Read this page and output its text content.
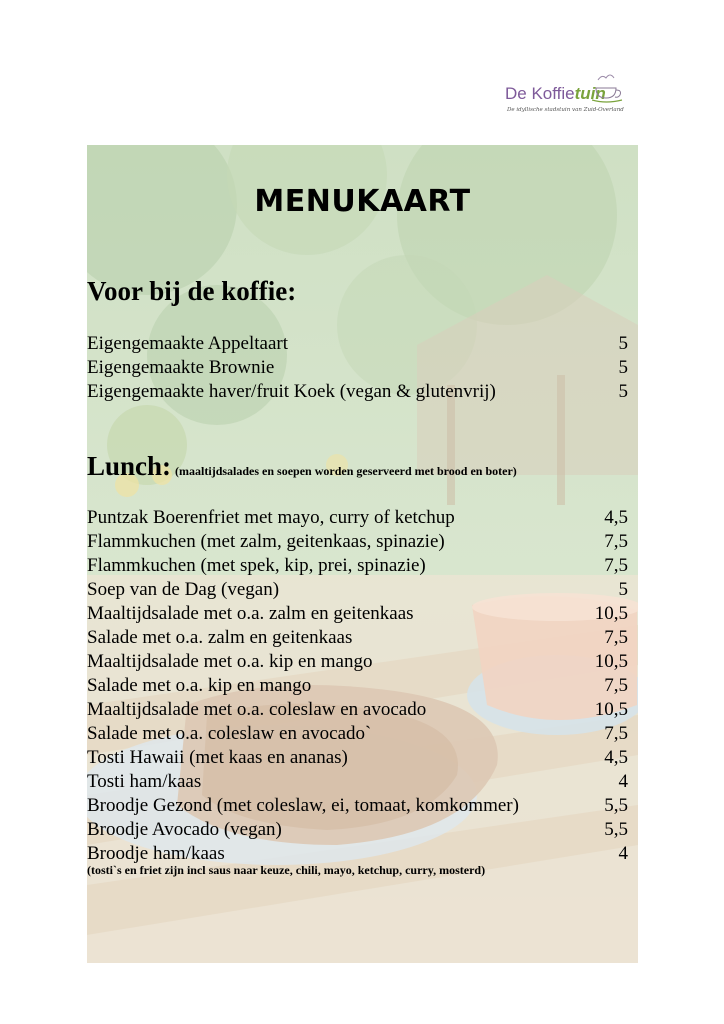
De Koffietuin
De idyllische stadstuin van Zuid-Overland
MENUKAART
Voor bij de koffie:
Eigengemaakte Appeltaart	5
Eigengemaakte Brownie	5
Eigengemaakte haver/fruit Koek (vegan & glutenvrij)	5
Lunch: (maaltijdsalades en soepen worden geserveerd met brood en boter)
Puntzak Boerenfriet met mayo, curry of ketchup	4,5
Flammkuchen (met zalm, geitenkaas, spinazie)	7,5
Flammkuchen (met spek, kip, prei, spinazie)	7,5
Soep van de Dag (vegan)	5
Maaltijdsalade met o.a. zalm en geitenkaas	10,5
Salade met o.a. zalm en geitenkaas	7,5
Maaltijdsalade met o.a. kip en mango	10,5
Salade met o.a. kip en mango	7,5
Maaltijdsalade met o.a. coleslaw en avocado	10,5
Salade met o.a. coleslaw en avocado`	7,5
Tosti Hawaii (met kaas en ananas)	4,5
Tosti ham/kaas	4
Broodje Gezond (met coleslaw, ei, tomaat, komkommer)	5,5
Broodje Avocado (vegan)	5,5
Broodje ham/kaas	4
(tosti`s en friet zijn incl saus naar keuze, chili, mayo, ketchup, curry, mosterd)
